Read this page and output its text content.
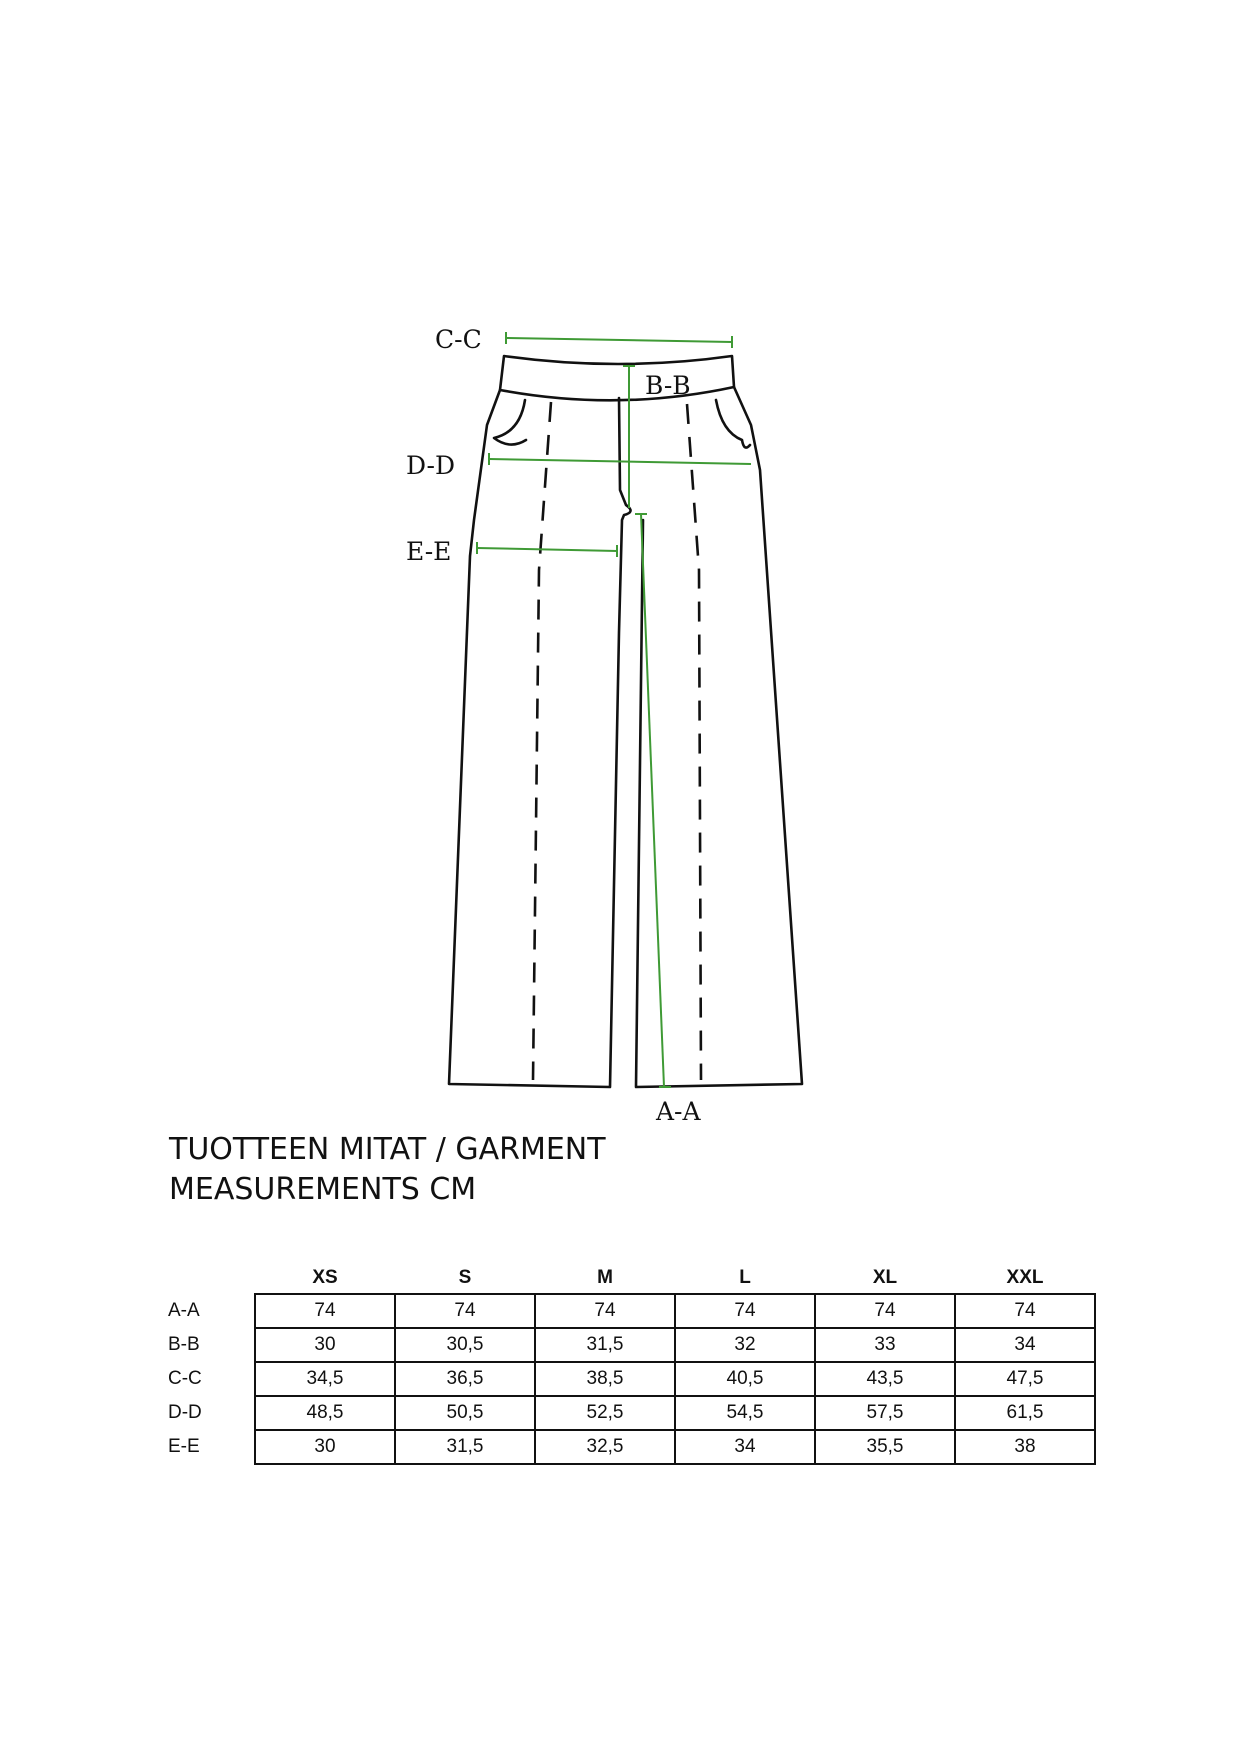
C-C
B-B
D-D
E-E
A-A
TUOTTEEN MITAT / GARMENT
MEASUREMENTS CM
	XS	S	M	L	XL	XXL
A-A	74	74	74	74	74	74
B-B	30	30,5	31,5	32	33	34
C-C	34,5	36,5	38,5	40,5	43,5	47,5
D-D	48,5	50,5	52,5	54,5	57,5	61,5
E-E	30	31,5	32,5	34	35,5	38
